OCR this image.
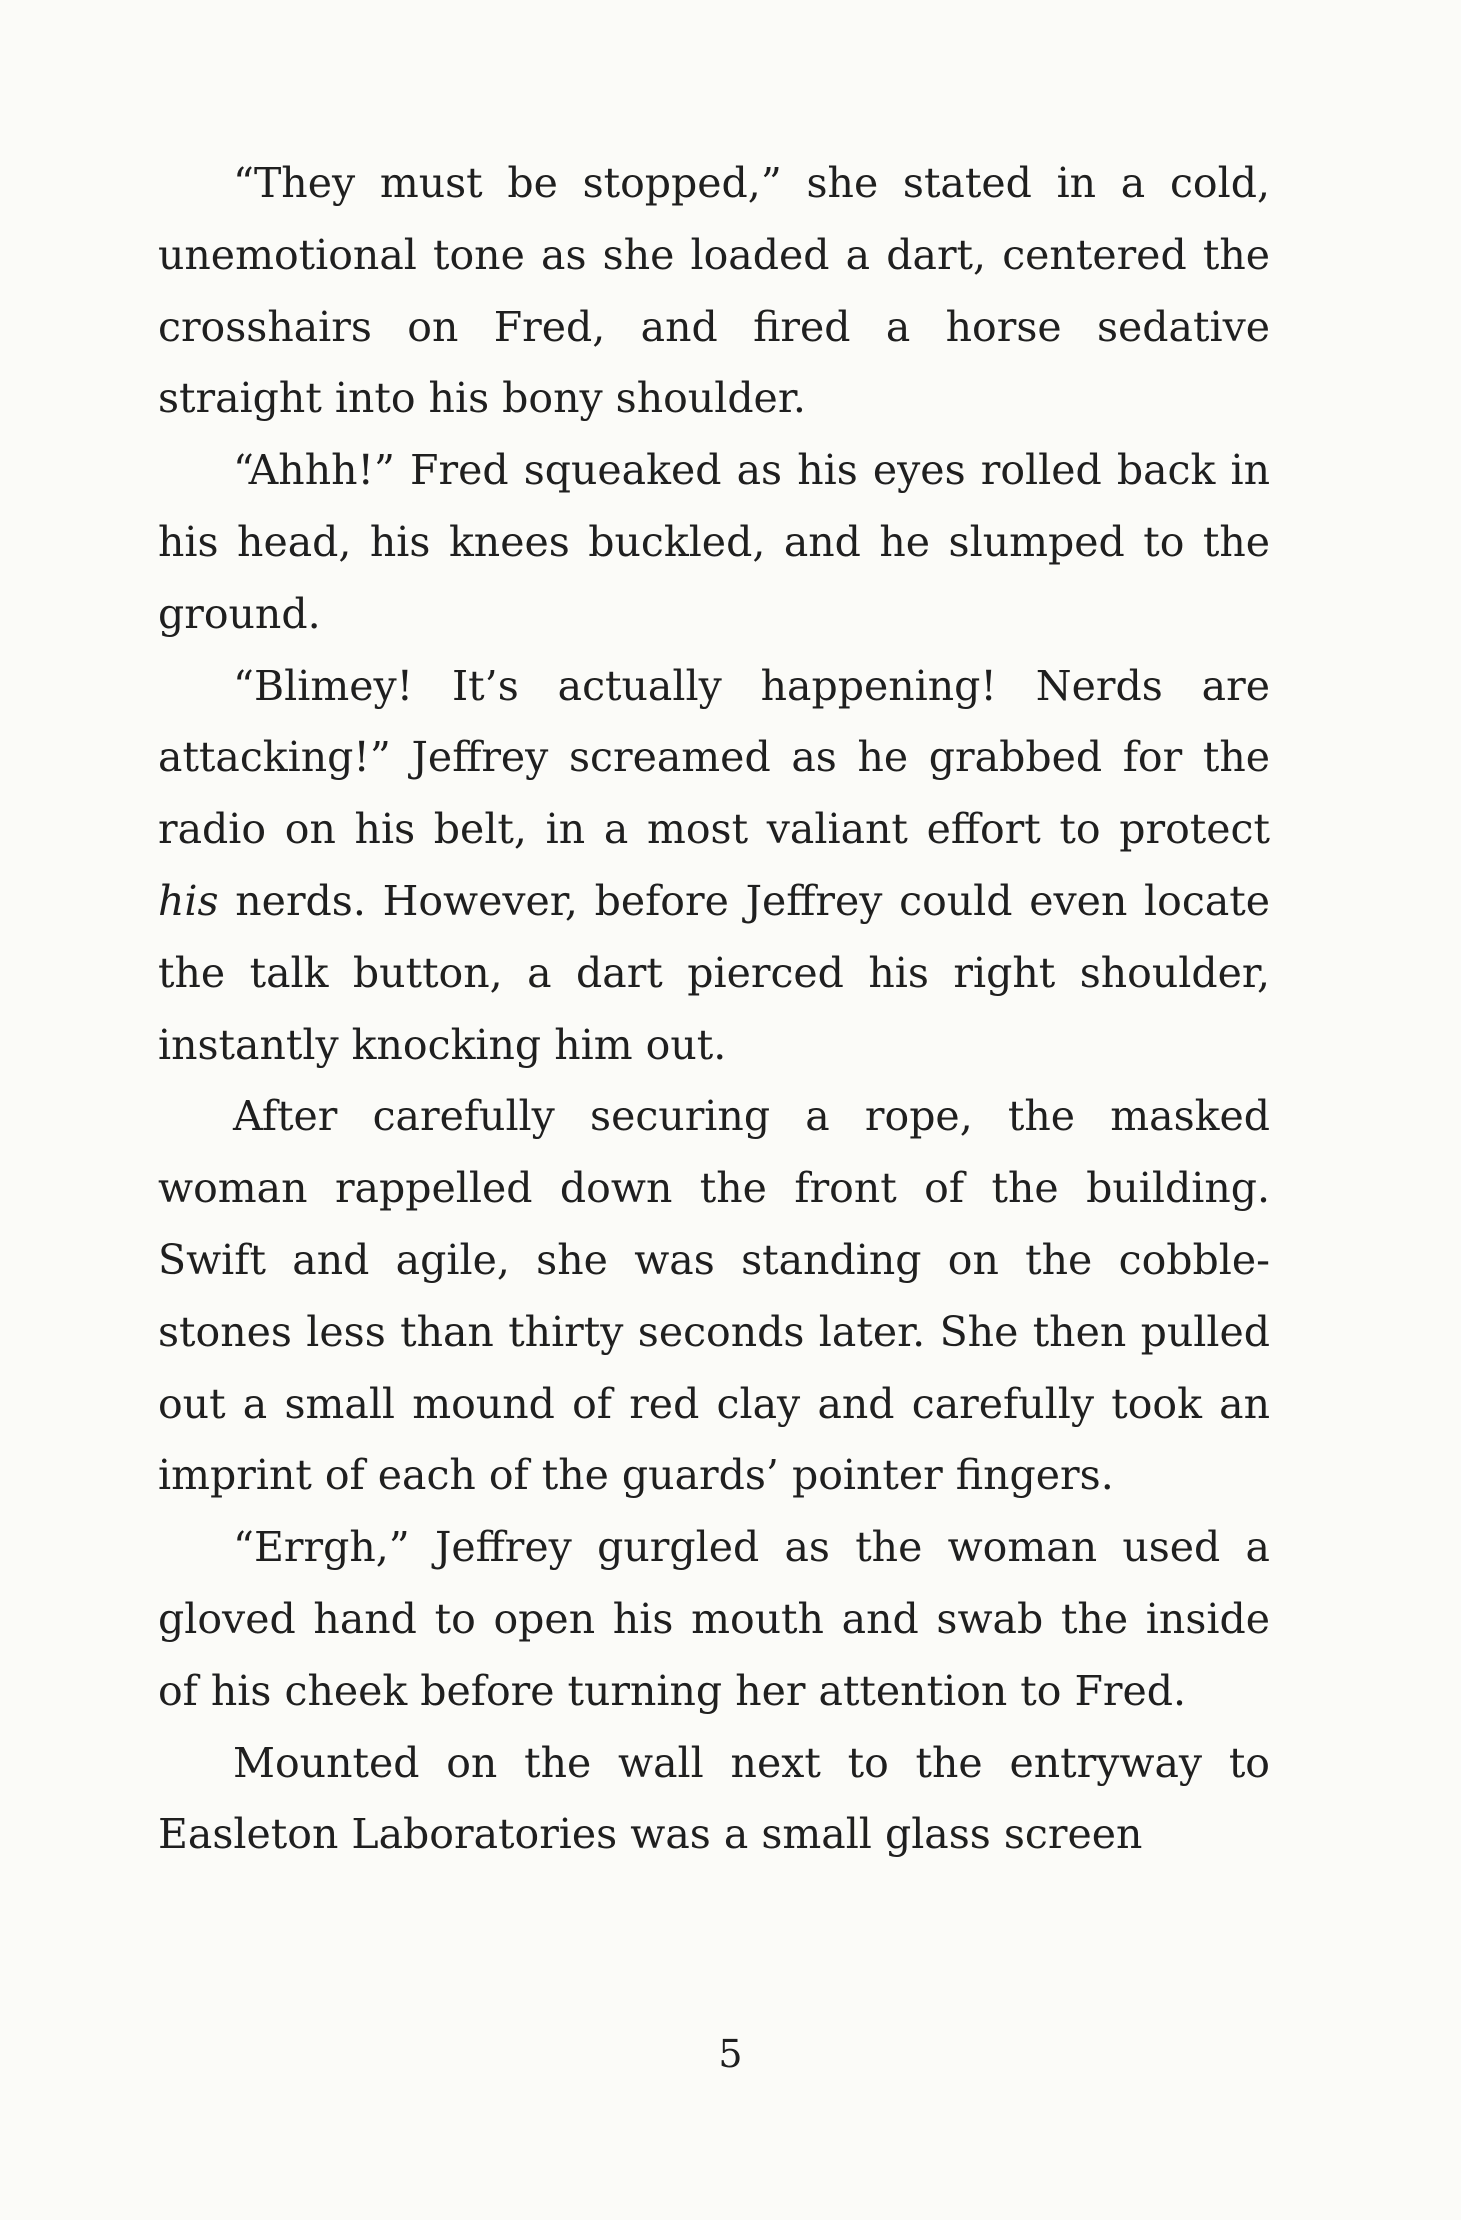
“They must be stopped,” she stated in a cold, unemotional tone as she loaded a dart, centered the crosshairs on Fred, and fired a horse sedative straight into his bony shoulder.

“Ahhh!” Fred squeaked as his eyes rolled back in his head, his knees buckled, and he slumped to the ground.

“Blimey! It’s actually happening! Nerds are attacking!” Jeffrey screamed as he grabbed for the radio on his belt, in a most valiant effort to protect his nerds. However, before Jeffrey could even locate the talk button, a dart pierced his right shoulder, instantly knocking him out.

After carefully securing a rope, the masked woman rappelled down the front of the building. Swift and agile, she was standing on the cobble-stones less than thirty seconds later. She then pulled out a small mound of red clay and carefully took an imprint of each of the guards’ pointer fingers.

“Errgh,” Jeffrey gurgled as the woman used a gloved hand to open his mouth and swab the inside of his cheek before turning her attention to Fred.

Mounted on the wall next to the entryway to Easleton Laboratories was a small glass screen

5
